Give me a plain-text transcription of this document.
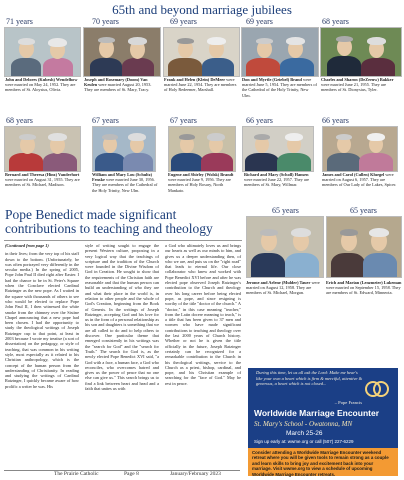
65th and beyond marriage jubilees
71 years	70 years	69 years	69 years	68 years
John and Delores (Kubesh) Wendelbow were married on May 24, 1952. They are members of St. Aloysius, Olivia.
Joseph and Rosemary (Doom) Van Keulen were married August 20, 1953. They are members of St. Mary, Tracy.
Frank and Helen (Klein) DeMeer were married June 22, 1954. They are members of Holy Redeemer, Marshall.
Don and Myrtle (Geiebel) Brand were married June 5, 1954. They are members of the Cathedral of the Holy Trinity, New Ulm.
Charles and Sharon (DeZeeuw) Bakker were married June 21, 1955. They are members of St. Dionysius, Tyler.
68 years	67 years	67 years	66 years	66 years
Bernard and Theresa (Hinz) Vanderhort were married on August 31, 1955. They are members of St. Michael, Madison.
William and Mary Lou (Schultz) Fenske were married June 30, 1956. They are members of the Cathedral of the Holy Trinity, New Ulm.
Eugene and Shirley (Wolsk) Brandt were married June 9, 1956. They are members of Holy Rosary, North Mankato.
Richard and Mary (Scholl) Hansen were married June 22, 1957. They are members of St. Mary, Willmar.
James and Carol (Cullen) Kluegel were married on August 6, 1957. They are members of Our Lady of the Lakes, Spicer.
Pope Benedict made significant contributions to teaching and theology

(Continued from page 1)

in their lives; from the very top of his staff down to the bottom. (Unfortunately, he was often portrayed very differently in the secular media.) In the spring of 2005, Pope John Paul II died right after Easter. I had the chance to be in St. Peter's Square when the Conclave elected Cardinal Ratzinger as the new pope. As I waited in the square with thousands of others to see who would be elected to replace Pope John Paul II, I then witnessed the white smoke from the chimney over the Sistine Chapel announcing that a new pope had been chosen. I had the opportunity to study the theological writings of Joseph Ratzinger cup to that point, at least in 2003 because I wrote my treatise (a sort of dissertation) on the pedagogy, or style of teaching, that was common in his writing style, most especially as it related to his Christian anthropology, which is the concept of the human person from the understanding of Christianity. In reading and studying the writings of Cardinal Ratzinger, I quickly became aware of how prolific a writer he was. His

style of writing sought to engage the present Western culture, proposing in a very logical way that the teachings of scripture and the tradition of the Church were founded in the Divine Wisdom of God in Creation. He sought to show that the requirements of the Christian faith are reasonable and that the human person can build an understanding of who they are and what their place in the world is, in relation to other people and the whole of God's Creation, beginning from the Book of Genesis. In the writings of Joseph Ratzinger, accepting God and his love for us in the form of a personal relationship as his son and daughters is something that we are all called to do and to help others to discover. One particular theme that emerged consistently in his writings was the "search for God" and the "search for Truth." The search for God is, as the newly elected Pope Benedict XVI said, "a God with a face, a human face, a God who reconciles, who overcomes hatred and gives us the power of peace that no one else can give us." This search brings us to find a link between heart and head and a faith that unites us with

a God who ultimately loves us and brings our hearts as well as our minds to him, and gives us a deeper understanding then, of who we are, and puts us on the "right road" that leads to eternal life. Our close collaborator who knew and worked with Pope Benedict XVI before and after he was elected pope observed Joseph Ratzinger's contribution to the Church and theology over his long career before being elected pope, as pope, and since resigning is worthy of the title "doctor of the church." A "doctor," in this case meaning "teacher," from the Latin docere meaning to teach," is a title that has been given to 37 men and women who have made significant contributions to teaching and theology over the last 2000 years of Church history. Whether or not he is given the title officially in the future, Joseph Ratzinger certainly can be recognized for a remarkable contribution to the Church in his theological writings, service to the Church as a priest, bishop, cardinal, and pope, and his Christian example of searching for the "face of God." May he rest in peace.

65 years	65 years
Jerome and Arlene (Mulder) Tauer were married on August 12, 1958. They are members of St. Michael, Morgan.
Erich and Marian (Lenzmeier) Lukeman were married on September 15, 1958. They are members of St. Edward, Minneota.
During this time, let us all ask the Lord: Make me hear's like your own a heart which is firm & merciful, attentive & generous, a heart which is not closed...
– Pope Francis
Worldwide Marriage Encounter
St. Mary's School - Owatonna, MN
March 25-26
Sign up early at: wwme.org or call (507) 227-6229
Consider attending a Worldwide Marriage Encounter weekend retreat where you will be given tools to remain strong as a couple and learn skills to bring joy and excitement back into your marriage. Visit wwme.org to view a schedule of upcoming Worldwide Marriage Encounter retreats.
The Prairie Catholic	Page 8	January/February 2023
